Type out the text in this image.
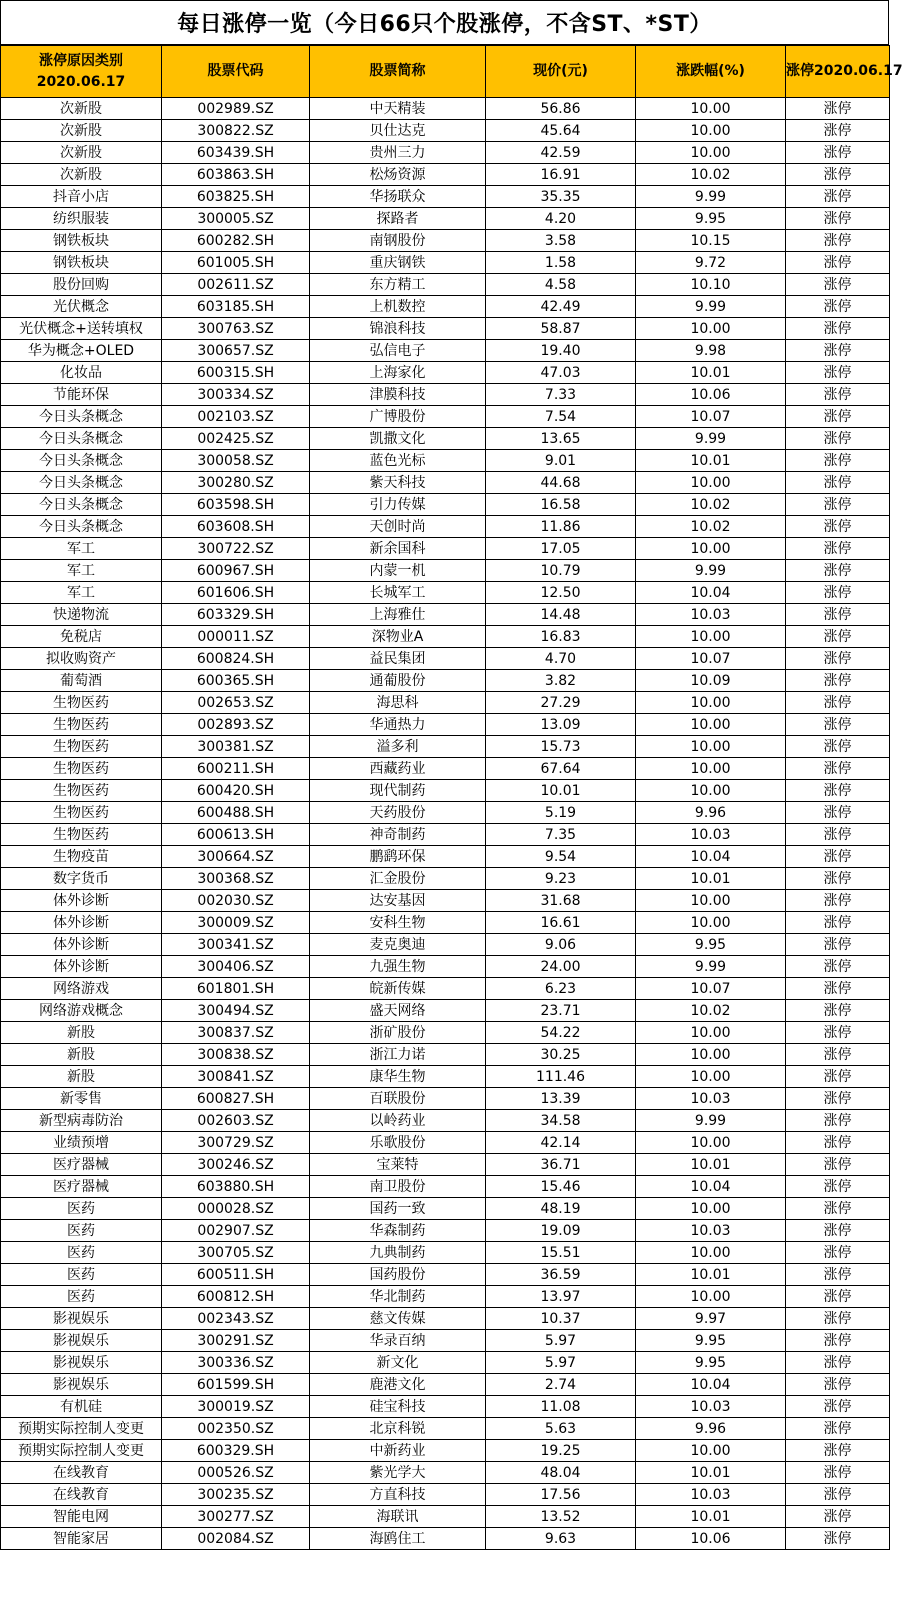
每日涨停一览（今日66只个股涨停，不含ST、*ST）
涨停原因类别
2020.06.17	股票代码	股票简称	现价(元)	涨跌幅(%)	涨停2020.06.17
次新股	002989.SZ	中天精装	56.86	10.00	涨停
次新股	300822.SZ	贝仕达克	45.64	10.00	涨停
次新股	603439.SH	贵州三力	42.59	10.00	涨停
次新股	603863.SH	松炀资源	16.91	10.02	涨停
抖音小店	603825.SH	华扬联众	35.35	9.99	涨停
纺织服装	300005.SZ	探路者	4.20	9.95	涨停
钢铁板块	600282.SH	南钢股份	3.58	10.15	涨停
钢铁板块	601005.SH	重庆钢铁	1.58	9.72	涨停
股份回购	002611.SZ	东方精工	4.58	10.10	涨停
光伏概念	603185.SH	上机数控	42.49	9.99	涨停
光伏概念+送转填权	300763.SZ	锦浪科技	58.87	10.00	涨停
华为概念+OLED	300657.SZ	弘信电子	19.40	9.98	涨停
化妆品	600315.SH	上海家化	47.03	10.01	涨停
节能环保	300334.SZ	津膜科技	7.33	10.06	涨停
今日头条概念	002103.SZ	广博股份	7.54	10.07	涨停
今日头条概念	002425.SZ	凯撒文化	13.65	9.99	涨停
今日头条概念	300058.SZ	蓝色光标	9.01	10.01	涨停
今日头条概念	300280.SZ	紫天科技	44.68	10.00	涨停
今日头条概念	603598.SH	引力传媒	16.58	10.02	涨停
今日头条概念	603608.SH	天创时尚	11.86	10.02	涨停
军工	300722.SZ	新余国科	17.05	10.00	涨停
军工	600967.SH	内蒙一机	10.79	9.99	涨停
军工	601606.SH	长城军工	12.50	10.04	涨停
快递物流	603329.SH	上海雅仕	14.48	10.03	涨停
免税店	000011.SZ	深物业A	16.83	10.00	涨停
拟收购资产	600824.SH	益民集团	4.70	10.07	涨停
葡萄酒	600365.SH	通葡股份	3.82	10.09	涨停
生物医药	002653.SZ	海思科	27.29	10.00	涨停
生物医药	002893.SZ	华通热力	13.09	10.00	涨停
生物医药	300381.SZ	溢多利	15.73	10.00	涨停
生物医药	600211.SH	西藏药业	67.64	10.00	涨停
生物医药	600420.SH	现代制药	10.01	10.00	涨停
生物医药	600488.SH	天药股份	5.19	9.96	涨停
生物医药	600613.SH	神奇制药	7.35	10.03	涨停
生物疫苗	300664.SZ	鹏鹞环保	9.54	10.04	涨停
数字货币	300368.SZ	汇金股份	9.23	10.01	涨停
体外诊断	002030.SZ	达安基因	31.68	10.00	涨停
体外诊断	300009.SZ	安科生物	16.61	10.00	涨停
体外诊断	300341.SZ	麦克奥迪	9.06	9.95	涨停
体外诊断	300406.SZ	九强生物	24.00	9.99	涨停
网络游戏	601801.SH	皖新传媒	6.23	10.07	涨停
网络游戏概念	300494.SZ	盛天网络	23.71	10.02	涨停
新股	300837.SZ	浙矿股份	54.22	10.00	涨停
新股	300838.SZ	浙江力诺	30.25	10.00	涨停
新股	300841.SZ	康华生物	111.46	10.00	涨停
新零售	600827.SH	百联股份	13.39	10.03	涨停
新型病毒防治	002603.SZ	以岭药业	34.58	9.99	涨停
业绩预增	300729.SZ	乐歌股份	42.14	10.00	涨停
医疗器械	300246.SZ	宝莱特	36.71	10.01	涨停
医疗器械	603880.SH	南卫股份	15.46	10.04	涨停
医药	000028.SZ	国药一致	48.19	10.00	涨停
医药	002907.SZ	华森制药	19.09	10.03	涨停
医药	300705.SZ	九典制药	15.51	10.00	涨停
医药	600511.SH	国药股份	36.59	10.01	涨停
医药	600812.SH	华北制药	13.97	10.00	涨停
影视娱乐	002343.SZ	慈文传媒	10.37	9.97	涨停
影视娱乐	300291.SZ	华录百纳	5.97	9.95	涨停
影视娱乐	300336.SZ	新文化	5.97	9.95	涨停
影视娱乐	601599.SH	鹿港文化	2.74	10.04	涨停
有机硅	300019.SZ	硅宝科技	11.08	10.03	涨停
预期实际控制人变更	002350.SZ	北京科锐	5.63	9.96	涨停
预期实际控制人变更	600329.SH	中新药业	19.25	10.00	涨停
在线教育	000526.SZ	紫光学大	48.04	10.01	涨停
在线教育	300235.SZ	方直科技	17.56	10.03	涨停
智能电网	300277.SZ	海联讯	13.52	10.01	涨停
智能家居	002084.SZ	海鸥住工	9.63	10.06	涨停
